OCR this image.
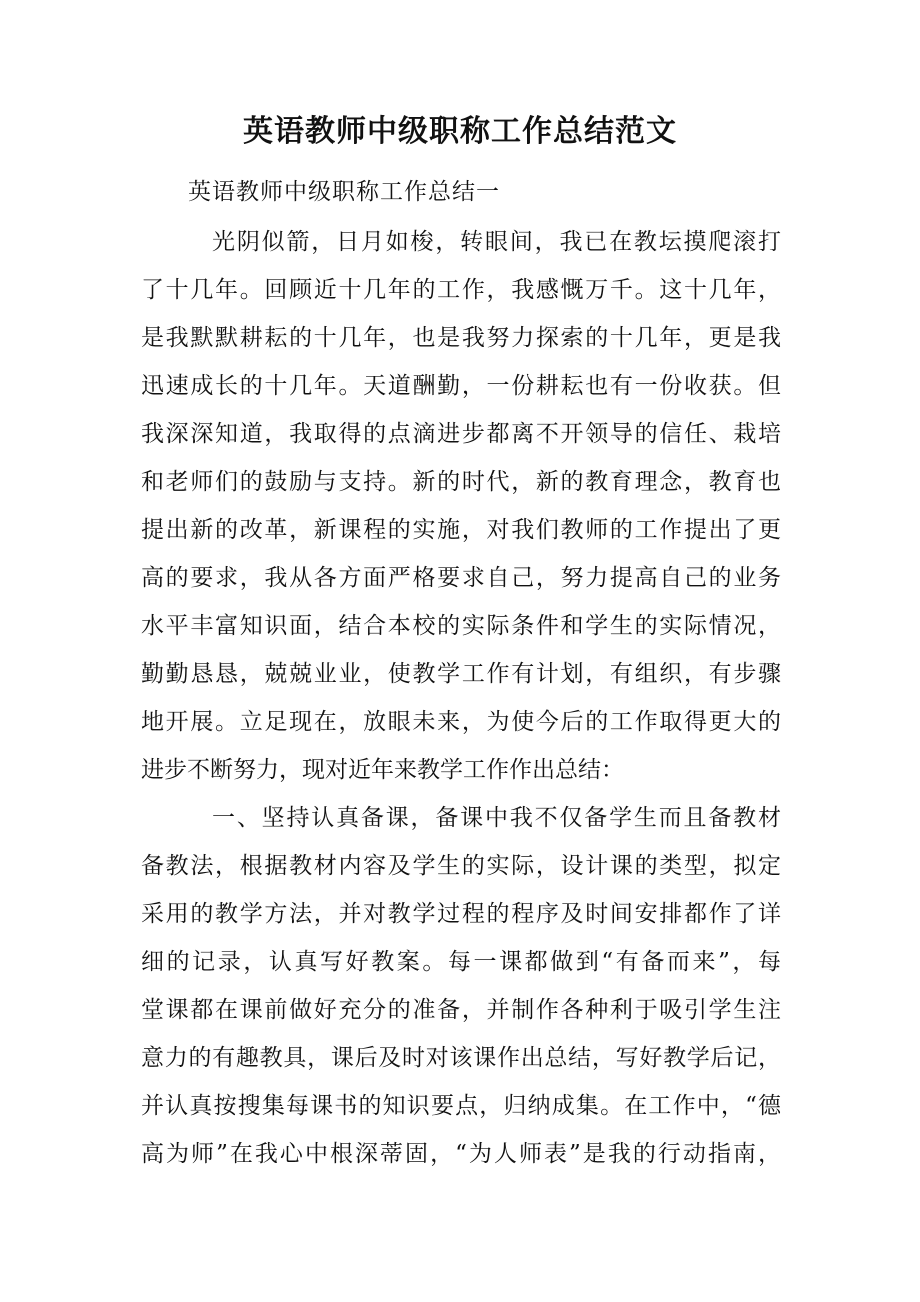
英语教师中级职称工作总结范文
英语教师中级职称工作总结一
光阴似箭，日月如梭，转眼间，我已在教坛摸爬滚打
了十几年。回顾近十几年的工作，我感慨万千。这十几年，
是我默默耕耘的十几年，也是我努力探索的十几年，更是我
迅速成长的十几年。天道酬勤，一份耕耘也有一份收获。但
我深深知道，我取得的点滴进步都离不开领导的信任、栽培
和老师们的鼓励与支持。新的时代，新的教育理念，教育也
提出新的改革，新课程的实施，对我们教师的工作提出了更
高的要求，我从各方面严格要求自己，努力提高自己的业务
水平丰富知识面，结合本校的实际条件和学生的实际情况，
勤勤恳恳，兢兢业业，使教学工作有计划，有组织，有步骤
地开展。立足现在，放眼未来，为使今后的工作取得更大的
进步不断努力，现对近年来教学工作作出总结：
一、坚持认真备课，备课中我不仅备学生而且备教材
备教法，根据教材内容及学生的实际，设计课的类型，拟定
采用的教学方法，并对教学过程的程序及时间安排都作了详
细的记录，认真写好教案。每一课都做到“有备而来”，每
堂课都在课前做好充分的准备，并制作各种利于吸引学生注
意力的有趣教具，课后及时对该课作出总结，写好教学后记，
并认真按搜集每课书的知识要点，归纳成集。在工作中，“德
高为师”在我心中根深蒂固，“为人师表”是我的行动指南，
